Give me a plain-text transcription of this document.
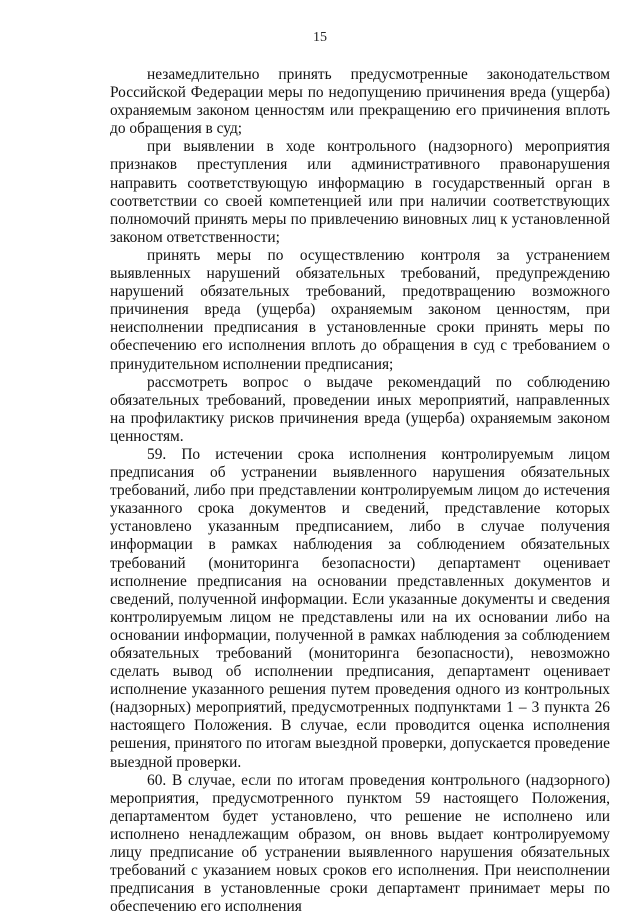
15

незамедлительно принять предусмотренные законодательством Российской Федерации меры по недопущению причинения вреда (ущерба) охраняемым законом ценностям или прекращению его причинения вплоть до обращения в суд;

при выявлении в ходе контрольного (надзорного) мероприятия признаков преступления или административного правонарушения направить соответствующую информацию в государственный орган в соответствии со своей компетенцией или при наличии соответствующих полномочий принять меры по привлечению виновных лиц к установленной законом ответственности;

принять меры по осуществлению контроля за устранением выявленных нарушений обязательных требований, предупреждению нарушений обязательных требований, предотвращению возможного причинения вреда (ущерба) охраняемым законом ценностям, при неисполнении предписания в установленные сроки принять меры по обеспечению его исполнения вплоть до обращения в суд с требованием о принудительном исполнении предписания;

рассмотреть вопрос о выдаче рекомендаций по соблюдению обязательных требований, проведении иных мероприятий, направленных на профилактику рисков причинения вреда (ущерба) охраняемым законом ценностям.

59. По истечении срока исполнения контролируемым лицом предписания об устранении выявленного нарушения обязательных требований, либо при представлении контролируемым лицом до истечения указанного срока документов и сведений, представление которых установлено указанным предписанием, либо в случае получения информации в рамках наблюдения за соблюдением обязательных требований (мониторинга безопасности) департамент оценивает исполнение предписания на основании представленных документов и сведений, полученной информации. Если указанные документы и сведения контролируемым лицом не представлены или на их основании либо на основании информации, полученной в рамках наблюдения за соблюдением обязательных требований (мониторинга безопасности), невозможно сделать вывод об исполнении предписания, департамент оценивает исполнение указанного решения путем проведения одного из контрольных (надзорных) мероприятий, предусмотренных подпунктами 1 – 3 пункта 26 настоящего Положения. В случае, если проводится оценка исполнения решения, принятого по итогам выездной проверки, допускается проведение выездной проверки.

60. В случае, если по итогам проведения контрольного (надзорного) мероприятия, предусмотренного пунктом 59 настоящего Положения, департаментом будет установлено, что решение не исполнено или исполнено ненадлежащим образом, он вновь выдает контролируемому лицу предписание об устранении выявленного нарушения обязательных требований с указанием новых сроков его исполнения. При неисполнении предписания в установленные сроки департамент принимает меры по обеспечению его исполнения
